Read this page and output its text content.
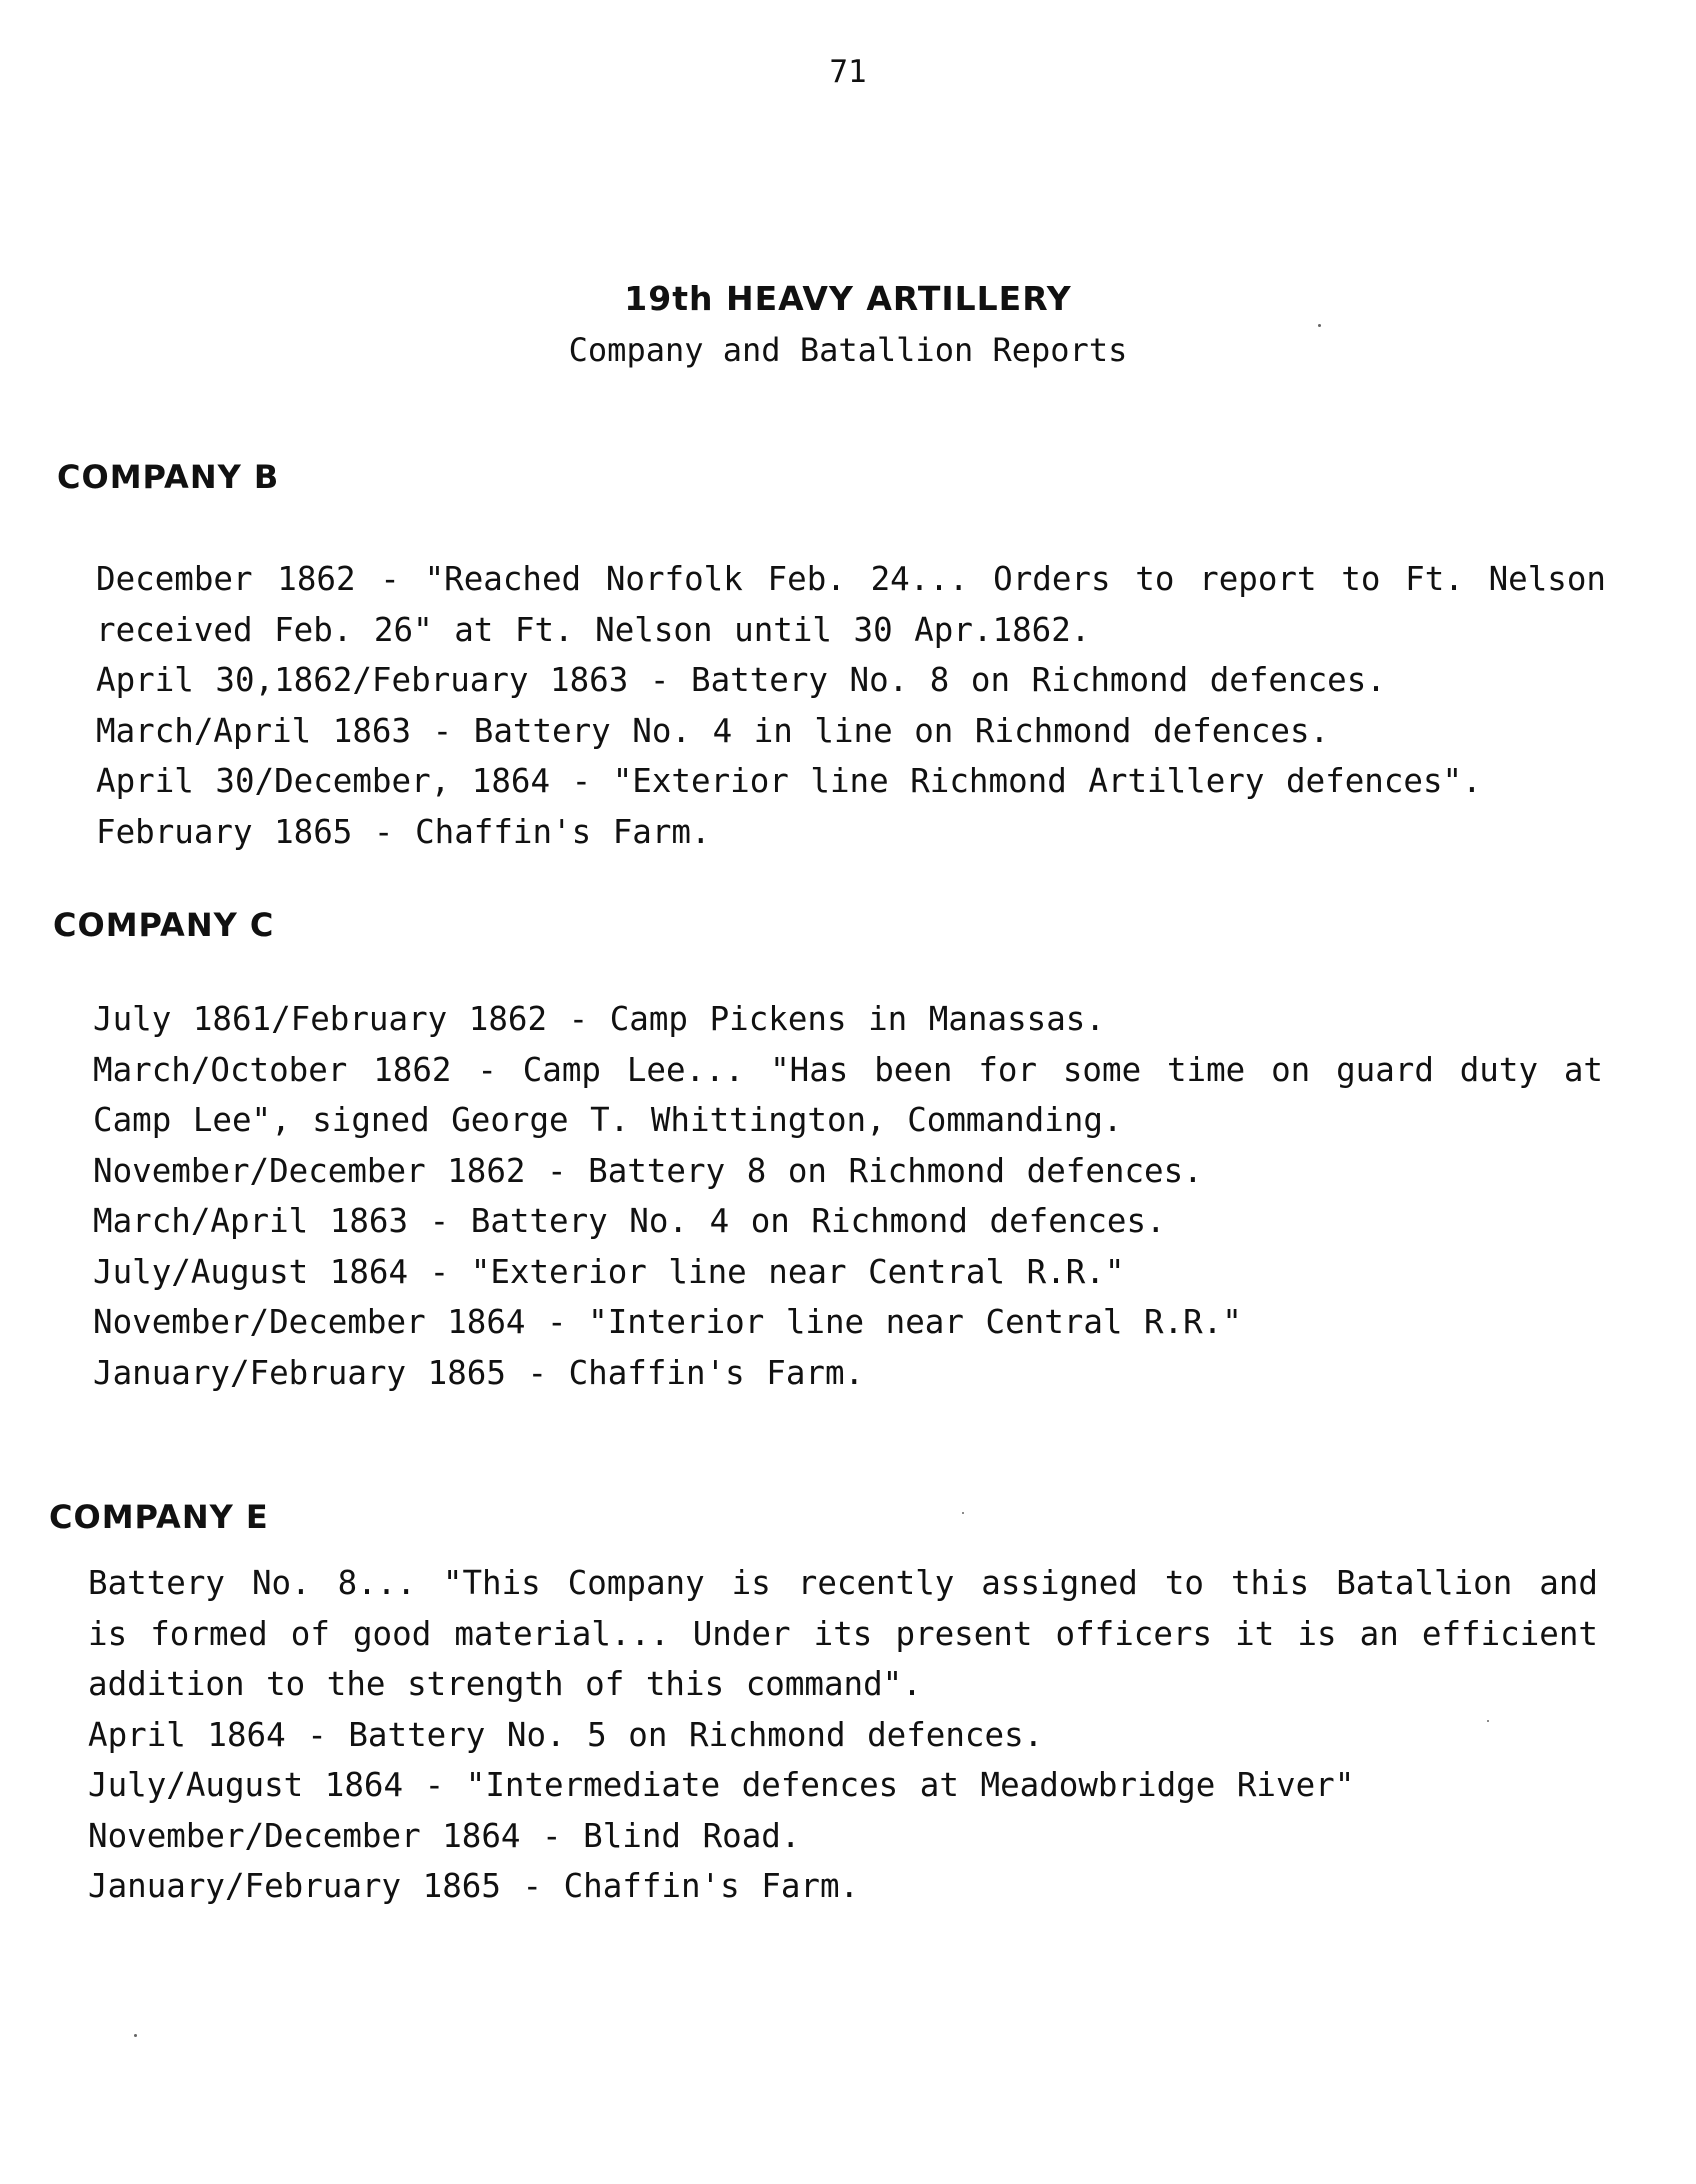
71
19th HEAVY ARTILLERY
Company and Batallion Reports
COMPANY B

December 1862 - "Reached Norfolk Feb. 24... Orders to report to Ft. Nelson received Feb. 26" at Ft. Nelson until 30 Apr.1862.

April 30,1862/February 1863 - Battery No. 8 on Richmond defences.

March/April 1863 - Battery No. 4 in line on Richmond defences.

April 30/December, 1864 - "Exterior line Richmond Artillery defences".

February 1865 - Chaffin's Farm.

COMPANY C

July 1861/February 1862 - Camp Pickens in Manassas.

March/October 1862 - Camp Lee... "Has been for some time on guard duty at Camp Lee", signed George T. Whittington, Commanding.

November/December 1862 - Battery 8 on Richmond defences.

March/April 1863 - Battery No. 4 on Richmond defences.

July/August 1864 - "Exterior line near Central R.R."

November/December 1864 - "Interior line near Central R.R."

January/February 1865 - Chaffin's Farm.

COMPANY E

Battery No. 8... "This Company is recently assigned to this Batallion and is formed of good material... Under its present officers it is an efficient addition to the strength of this command".

April 1864 - Battery No. 5 on Richmond defences.

July/August 1864 - "Intermediate defences at Meadowbridge River"

November/December 1864 - Blind Road.

January/February 1865 - Chaffin's Farm.
